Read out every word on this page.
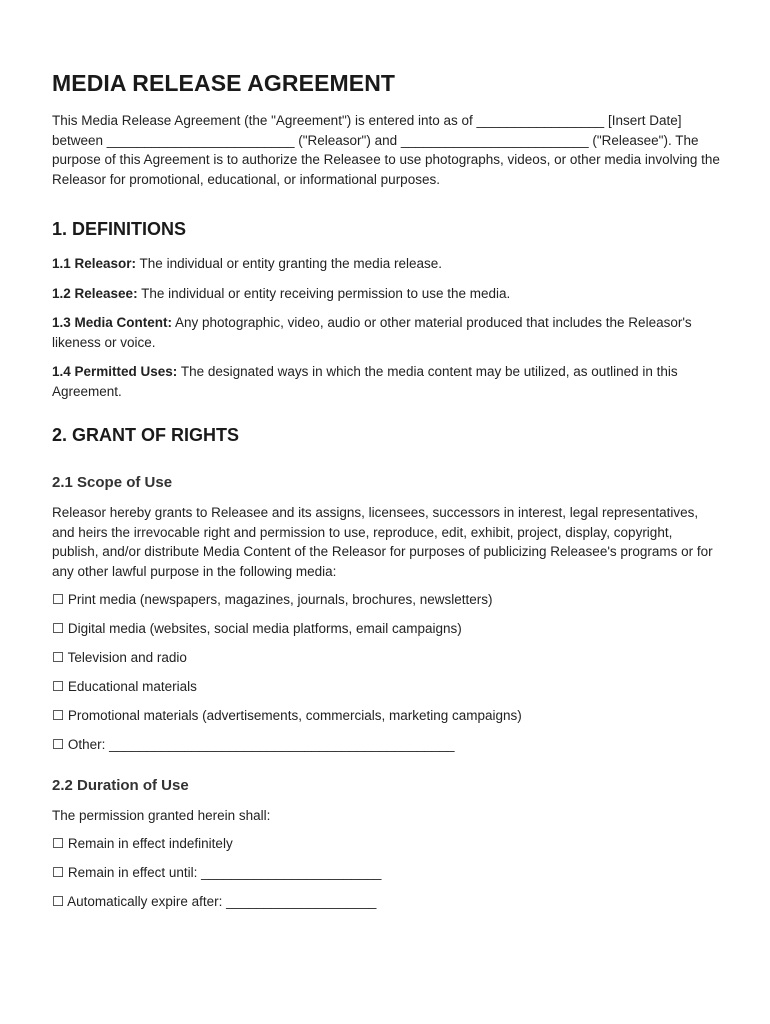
MEDIA RELEASE AGREEMENT

This Media Release Agreement (the "Agreement") is entered into as of _________________ [Insert Date] between _________________________ ("Releasor") and _________________________ ("Releasee"). The purpose of this Agreement is to authorize the Releasee to use photographs, videos, or other media involving the Releasor for promotional, educational, or informational purposes.

1. DEFINITIONS

1.1 Releasor: The individual or entity granting the media release.

1.2 Releasee: The individual or entity receiving permission to use the media.

1.3 Media Content: Any photographic, video, audio or other material produced that includes the Releasor's likeness or voice.

1.4 Permitted Uses: The designated ways in which the media content may be utilized, as outlined in this Agreement.

2. GRANT OF RIGHTS
2.1 Scope of Use

Releasor hereby grants to Releasee and its assigns, licensees, successors in interest, legal representatives, and heirs the irrevocable right and permission to use, reproduce, edit, exhibit, project, display, copyright, publish, and/or distribute Media Content of the Releasor for purposes of publicizing Releasee's programs or for any other lawful purpose in the following media:

☐ Print media (newspapers, magazines, journals, brochures, newsletters)

☐ Digital media (websites, social media platforms, email campaigns)

☐ Television and radio

☐ Educational materials

☐ Promotional materials (advertisements, commercials, marketing campaigns)

☐ Other: ______________________________________________

2.2 Duration of Use

The permission granted herein shall:

☐ Remain in effect indefinitely

☐ Remain in effect until: ________________________

☐ Automatically expire after: ____________________
